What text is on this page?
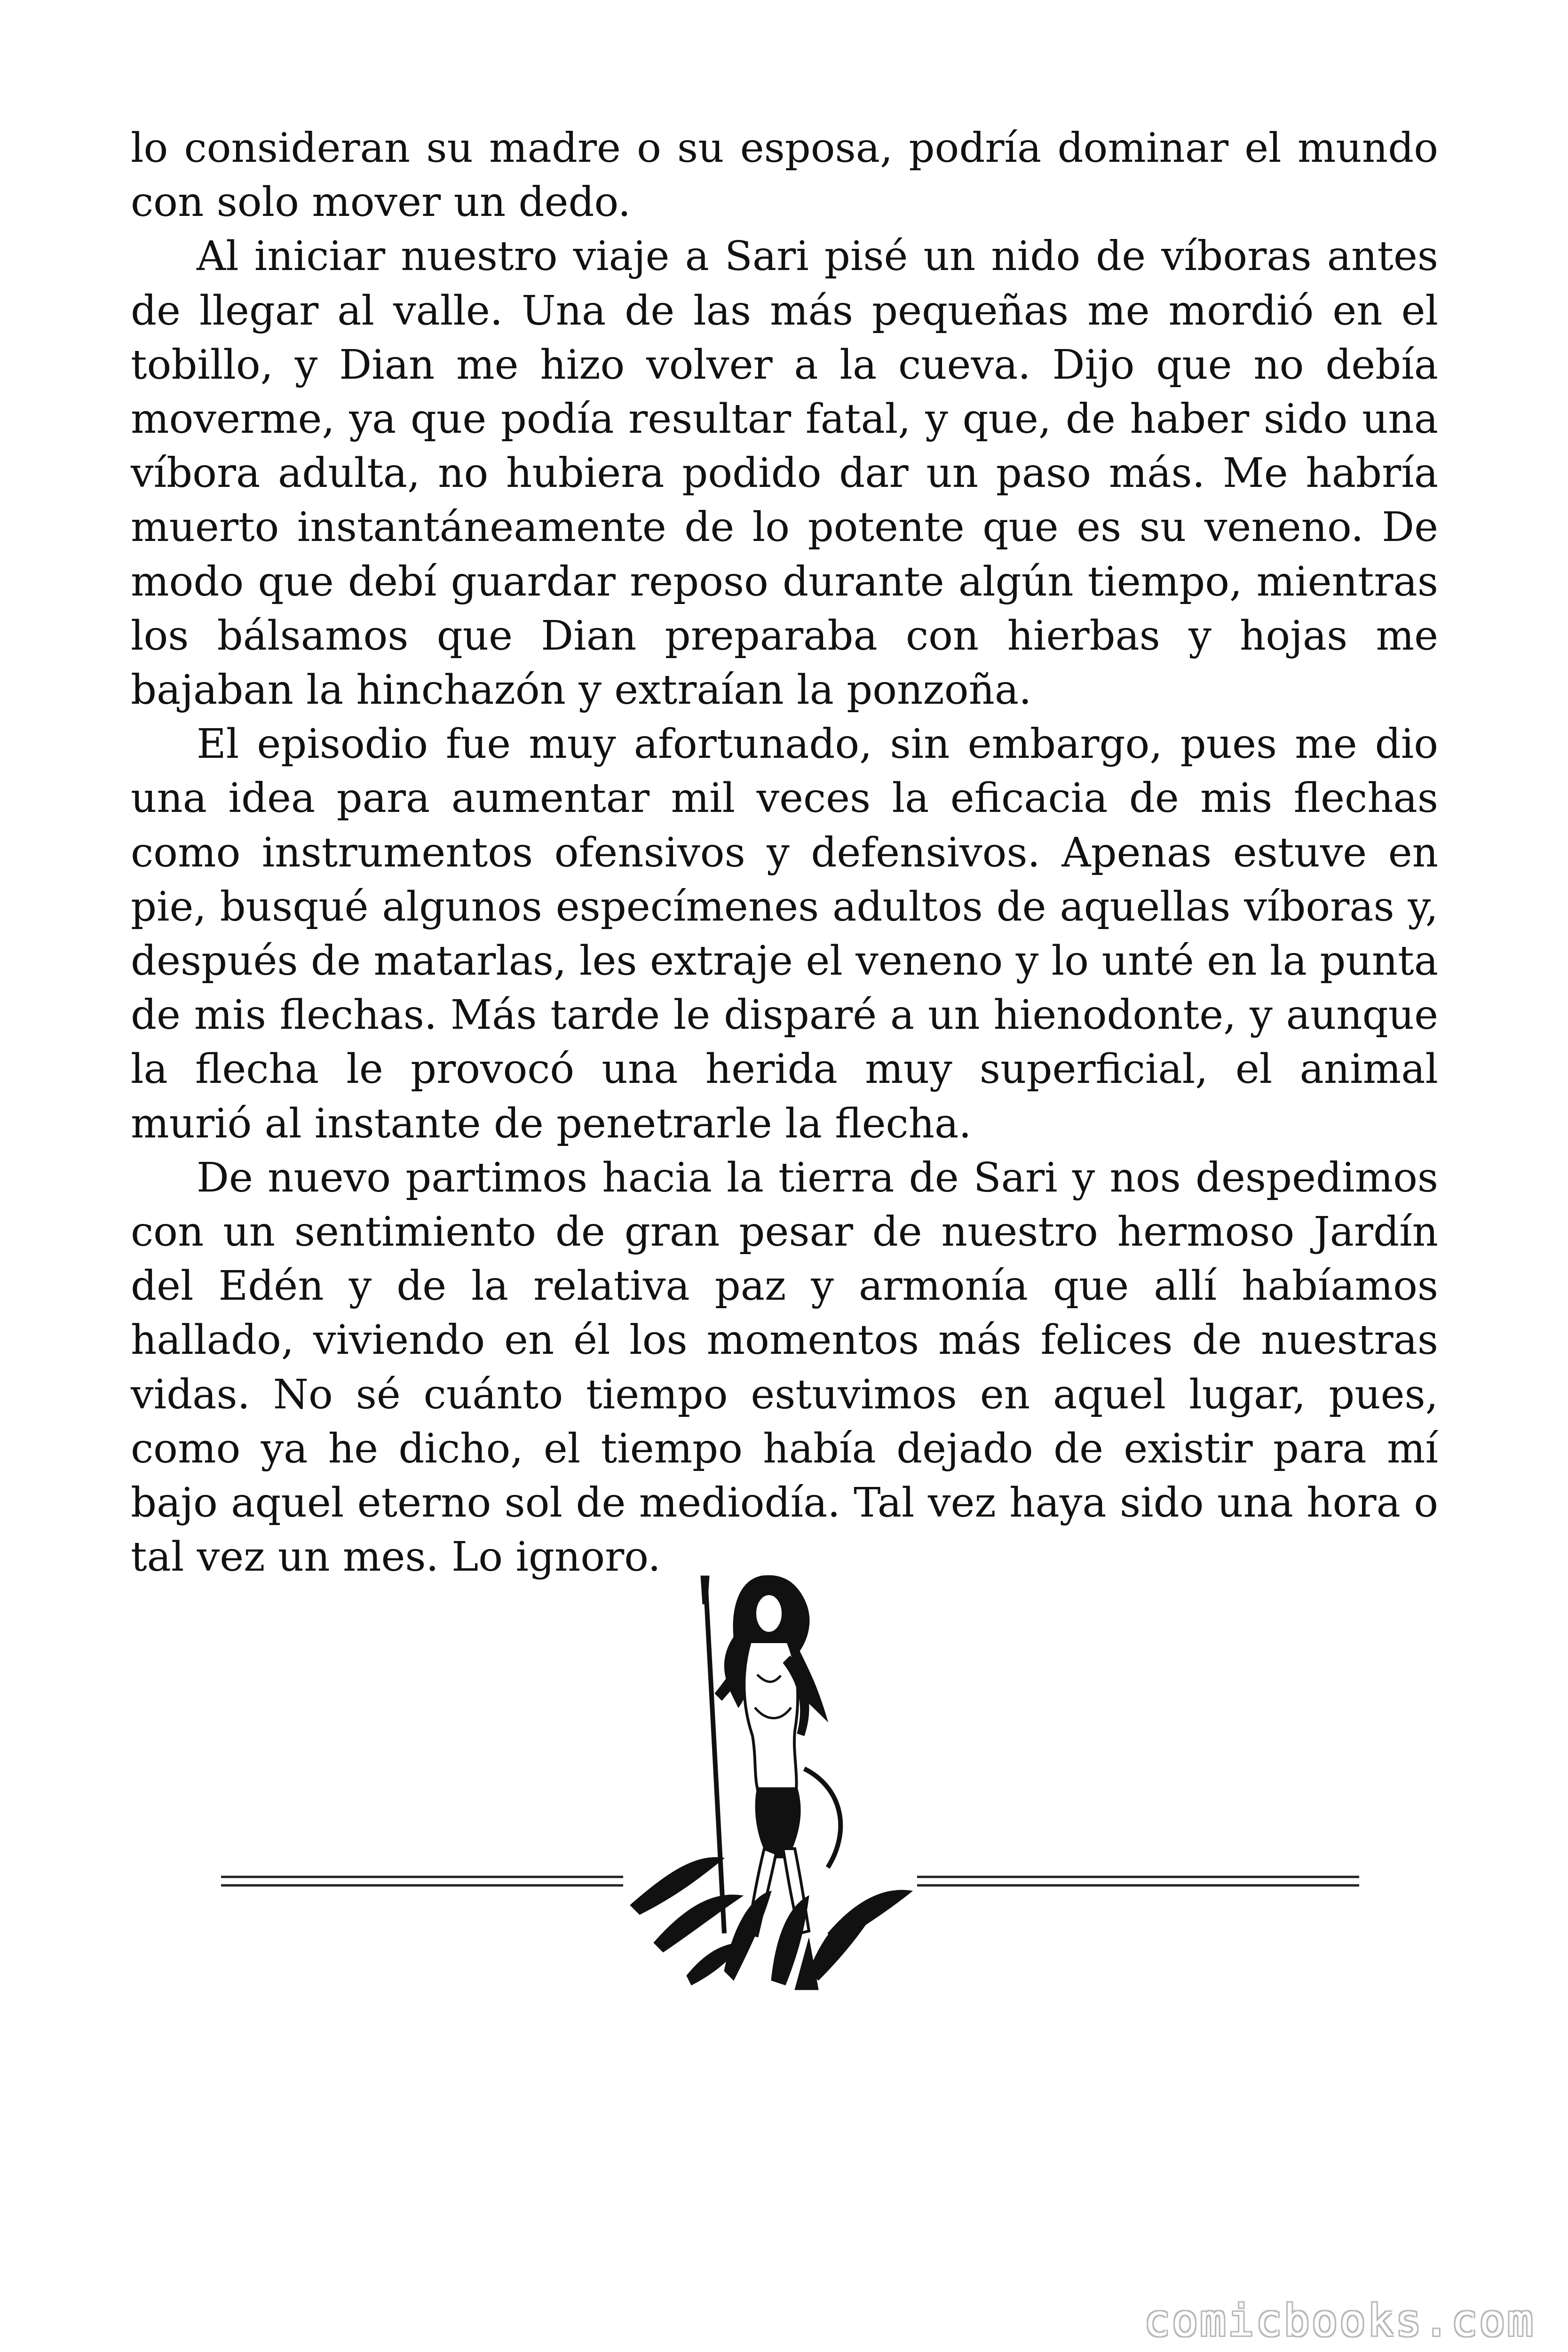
lo consideran su madre o su esposa, podría dominar el mundo con solo mover un dedo.

Al iniciar nuestro viaje a Sari pisé un nido de víboras antes de llegar al valle. Una de las más pequeñas me mordió en el tobillo, y Dian me hizo volver a la cueva. Dijo que no debía moverme, ya que podía resultar fatal, y que, de haber sido una víbora adulta, no hubiera podido dar un paso más. Me habría muerto instantáneamente de lo potente que es su veneno. De modo que debí guardar reposo durante algún tiempo, mientras los bálsamos que Dian preparaba con hierbas y hojas me bajaban la hinchazón y extraían la ponzoña.

El episodio fue muy afortunado, sin embargo, pues me dio una idea para aumentar mil veces la eficacia de mis flechas como instrumentos ofensivos y defensivos. Apenas estuve en pie, busqué algunos especímenes adultos de aquellas víboras y, después de matarlas, les extraje el veneno y lo unté en la punta de mis flechas. Más tarde le disparé a un hienodonte, y aunque la flecha le provocó una herida muy superficial, el animal murió al instante de penetrarle la flecha.

De nuevo partimos hacia la tierra de Sari y nos despedimos con un sentimiento de gran pesar de nuestro hermoso Jardín del Edén y de la relativa paz y armonía que allí habíamos hallado, viviendo en él los momentos más felices de nuestras vidas. No sé cuánto tiempo estuvimos en aquel lugar, pues, como ya he dicho, el tiempo había dejado de existir para mí bajo aquel eterno sol de mediodía. Tal vez haya sido una hora o tal vez un mes. Lo ignoro.

comicbooks.com
